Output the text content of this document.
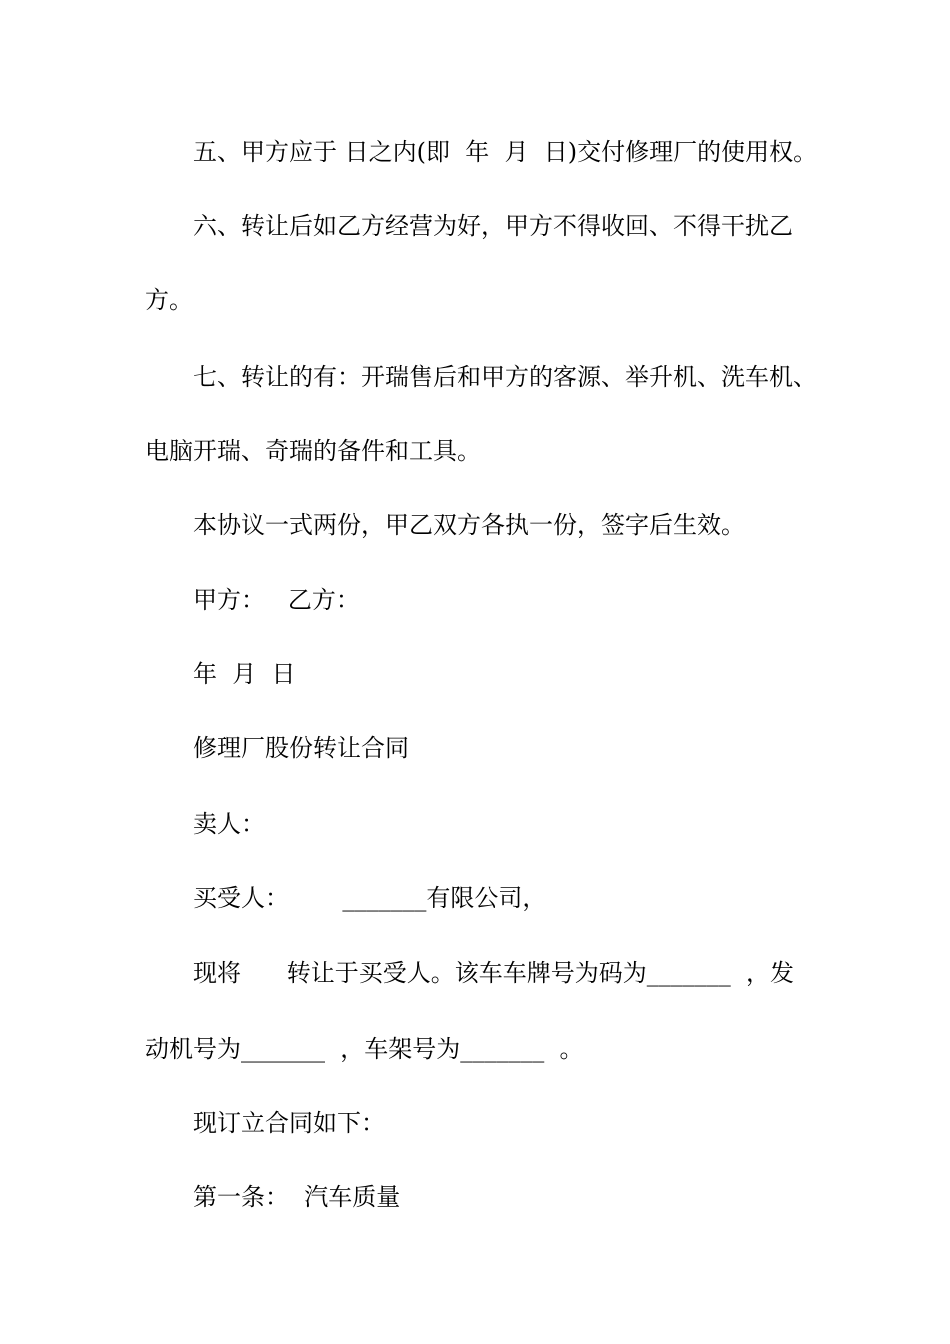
五、甲方应于 日之内(即  年  月  日)交付修理厂的使用权。
六、转让后如乙方经营为好，甲方不得收回、不得干扰乙
方。
七、转让的有：开瑞售后和甲方的客源、举升机、洗车机、
电脑开瑞、奇瑞的备件和工具。
本协议一式两份，甲乙双方各执一份，签字后生效。
甲方：   乙方：
年  月  日
修理厂股份转让合同
卖人：
买受人：       _______有限公司，
现将      转让于买受人。该车车牌号为码为_______  ，发
动机号为_______  ，车架号为_______  。
现订立合同如下：
第一条：  汽车质量
